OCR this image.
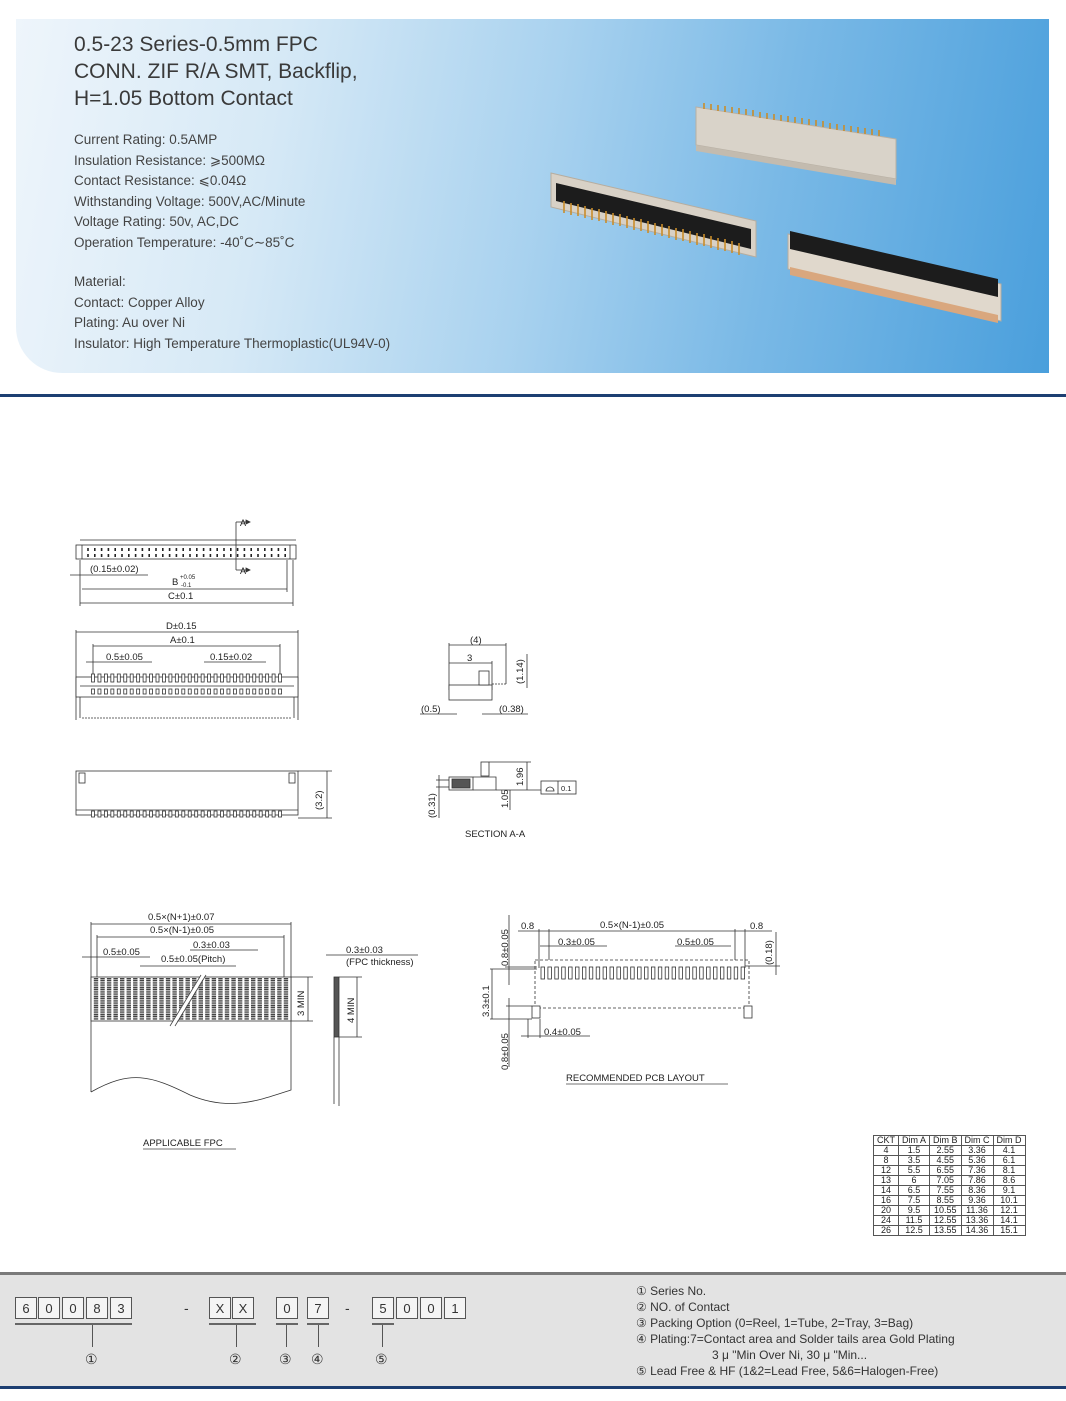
0.5-23 Series-0.5mm FPC
CONN. ZIF R/A SMT, Backflip,
H=1.05 Bottom Contact
Current Rating: 0.5AMP
Insulation Resistance: ⩾500MΩ
Contact Resistance: ⩽0.04Ω
Withstanding Voltage: 500V,AC/Minute
Voltage Rating: 50v, AC,DC
Operation Temperature: -40˚C∼85˚C
Material:
Contact: Copper Alloy
Plating: Au over Ni
Insulator: High Temperature Thermoplastic(UL94V-0)
A
A
(0.15±0.02)
B +0.05
-0.1
C±0.1
D±0.15
A±0.1
0.5±0.05	0.15±0.02
(3.2)
(4)
3
(1.14)
(0.5)	(0.38)
1.96
1.05
(0.31)
0.1
SECTION A-A
0.5×(N+1)±0.07
0.5×(N-1)±0.05
0.5±0.05
0.3±0.03
0.5±0.05(Pitch)
3 MIN
0.3±0.03
(FPC thickness)
4 MIN
APPLICABLE FPC
0.8	0.5×(N-1)±0.05	0.8
0.3±0.05	0.5±0.05	(0.18)
0.8±0.05
3.3±0.1
0.8±0.05
0.4±0.05
RECOMMENDED PCB LAYOUT
CKT	Dim A	Dim B	Dim C	Dim D
4	1.5	2.55	3.36	4.1
8	3.5	4.55	5.36	6.1
12	5.5	6.55	7.36	8.1
13	6	7.05	7.86	8.6
14	6.5	7.55	8.36	9.1
16	7.5	8.55	9.36	10.1
20	9.5	10.55	11.36	12.1
24	11.5	12.55	13.36	14.1
26	12.5	13.55	14.36	15.1
6	0	0	8	3	X	X	0	7	5	0	0	1
-	-
①	②	③ ④	⑤
① Series No.
② NO. of Contact
③ Packing Option (0=Reel, 1=Tube, 2=Tray, 3=Bag)
④ Plating:7=Contact area and Solder tails area Gold Plating
3 μ "Min Over Ni, 30 μ "Min...
⑤ Lead Free & HF (1&2=Lead Free, 5&6=Halogen-Free)
